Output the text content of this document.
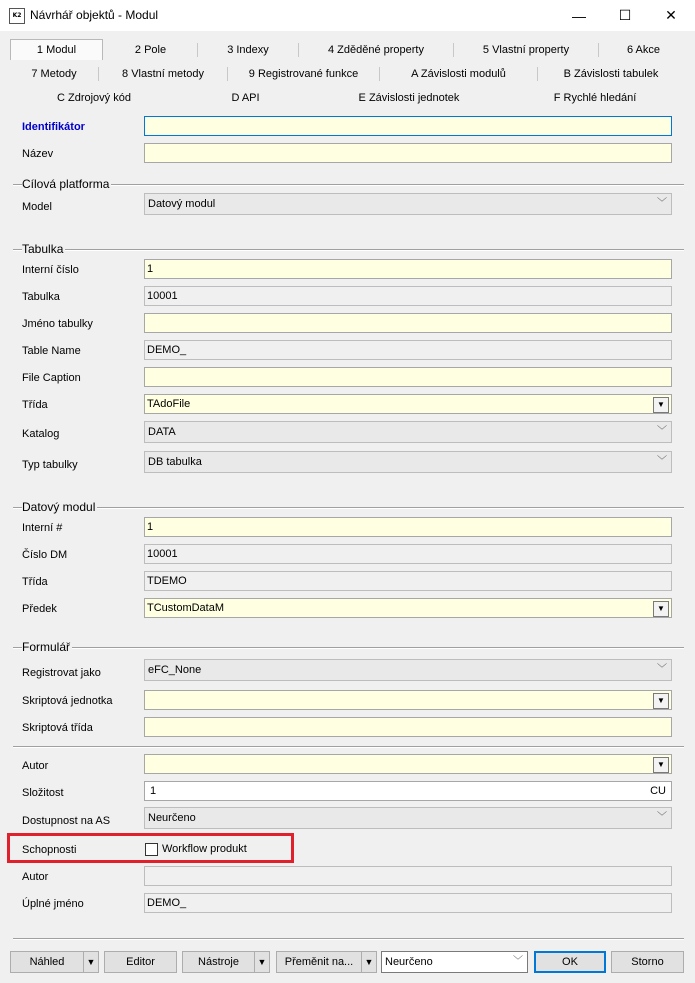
K2 Návrhář objektů - Modul	—	☐	✕
1 Modul	2 Pole	3 Indexy	4 Zděděné property	5 Vlastní property	6 Akce
7 Metody	8 Vlastní metody	9 Registrované funkce	A Závislosti modulů	B Závislosti tabulek
C Zdrojový kód	D API	E Závislosti jednotek	F Rychlé hledání
Identifikátor
Název
Cílová platforma
Model	Datový modul	﹀
Tabulka
Interní číslo	1
Tabulka	10001
Jméno tabulky
Table Name	DEMO_
File Caption
Třída	TAdoFile	▼
Katalog	DATA	﹀
Typ tabulky	DB tabulka	﹀
Datový modul
Interní #	1
Číslo DM	10001
Třída	TDEMO
Předek	TCustomDataM	▼
Formulář
Registrovat jako	eFC_None	﹀
Skriptová jednotka	▼
Skriptová třída
Autor	▼
Složitost	1	CU
Dostupnost na AS	Neurčeno	﹀
Schopnosti	Workflow produkt
Autor
Úplné jméno	DEMO_
Náhled	▼	Editor	Nástroje	▼	Přeměnit na...	▼	Neurčeno	﹀	OK	Storno
